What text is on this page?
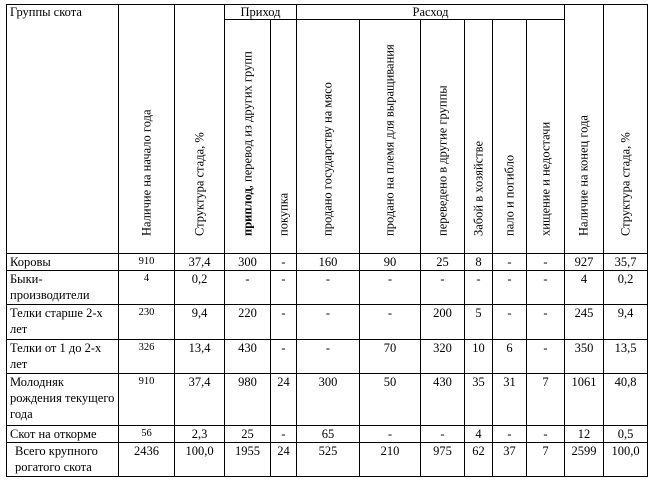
Группы скота	Наличие на начало года	Структура стада, %	Приход		Расход						Наличие на конец года	Структура стада, %

			приплод, перевод из других групп	покупка	продано государству на мясо	продано на племя для выращивания	переведено в другие группы	Забой в хозяйстве	пало и погибло	хищение и недостачи		

Коровы	910	37,4	300	-	160	90	25	8	-	-	927	35,7
Быки-производители	4	0,2	-	-	-	-	-	-	-	-	4	0,2
Телки старше 2-х лет	230	9,4	220	-	-	-	200	5	-	-	245	9,4
Телки от 1 до 2-х лет	326	13,4	430	-	-	70	320	10	6	-	350	13,5
Молодняк рождения текущего года	910	37,4	980	24	300	50	430	35	31	7	1061	40,8
Скот на откорме	56	2,3	25	-	65	-	-	4	-	-	12	0,5
Всего крупного рогатого скота	2436	100,0	1955	24	525	210	975	62	37	7	2599	100,0
